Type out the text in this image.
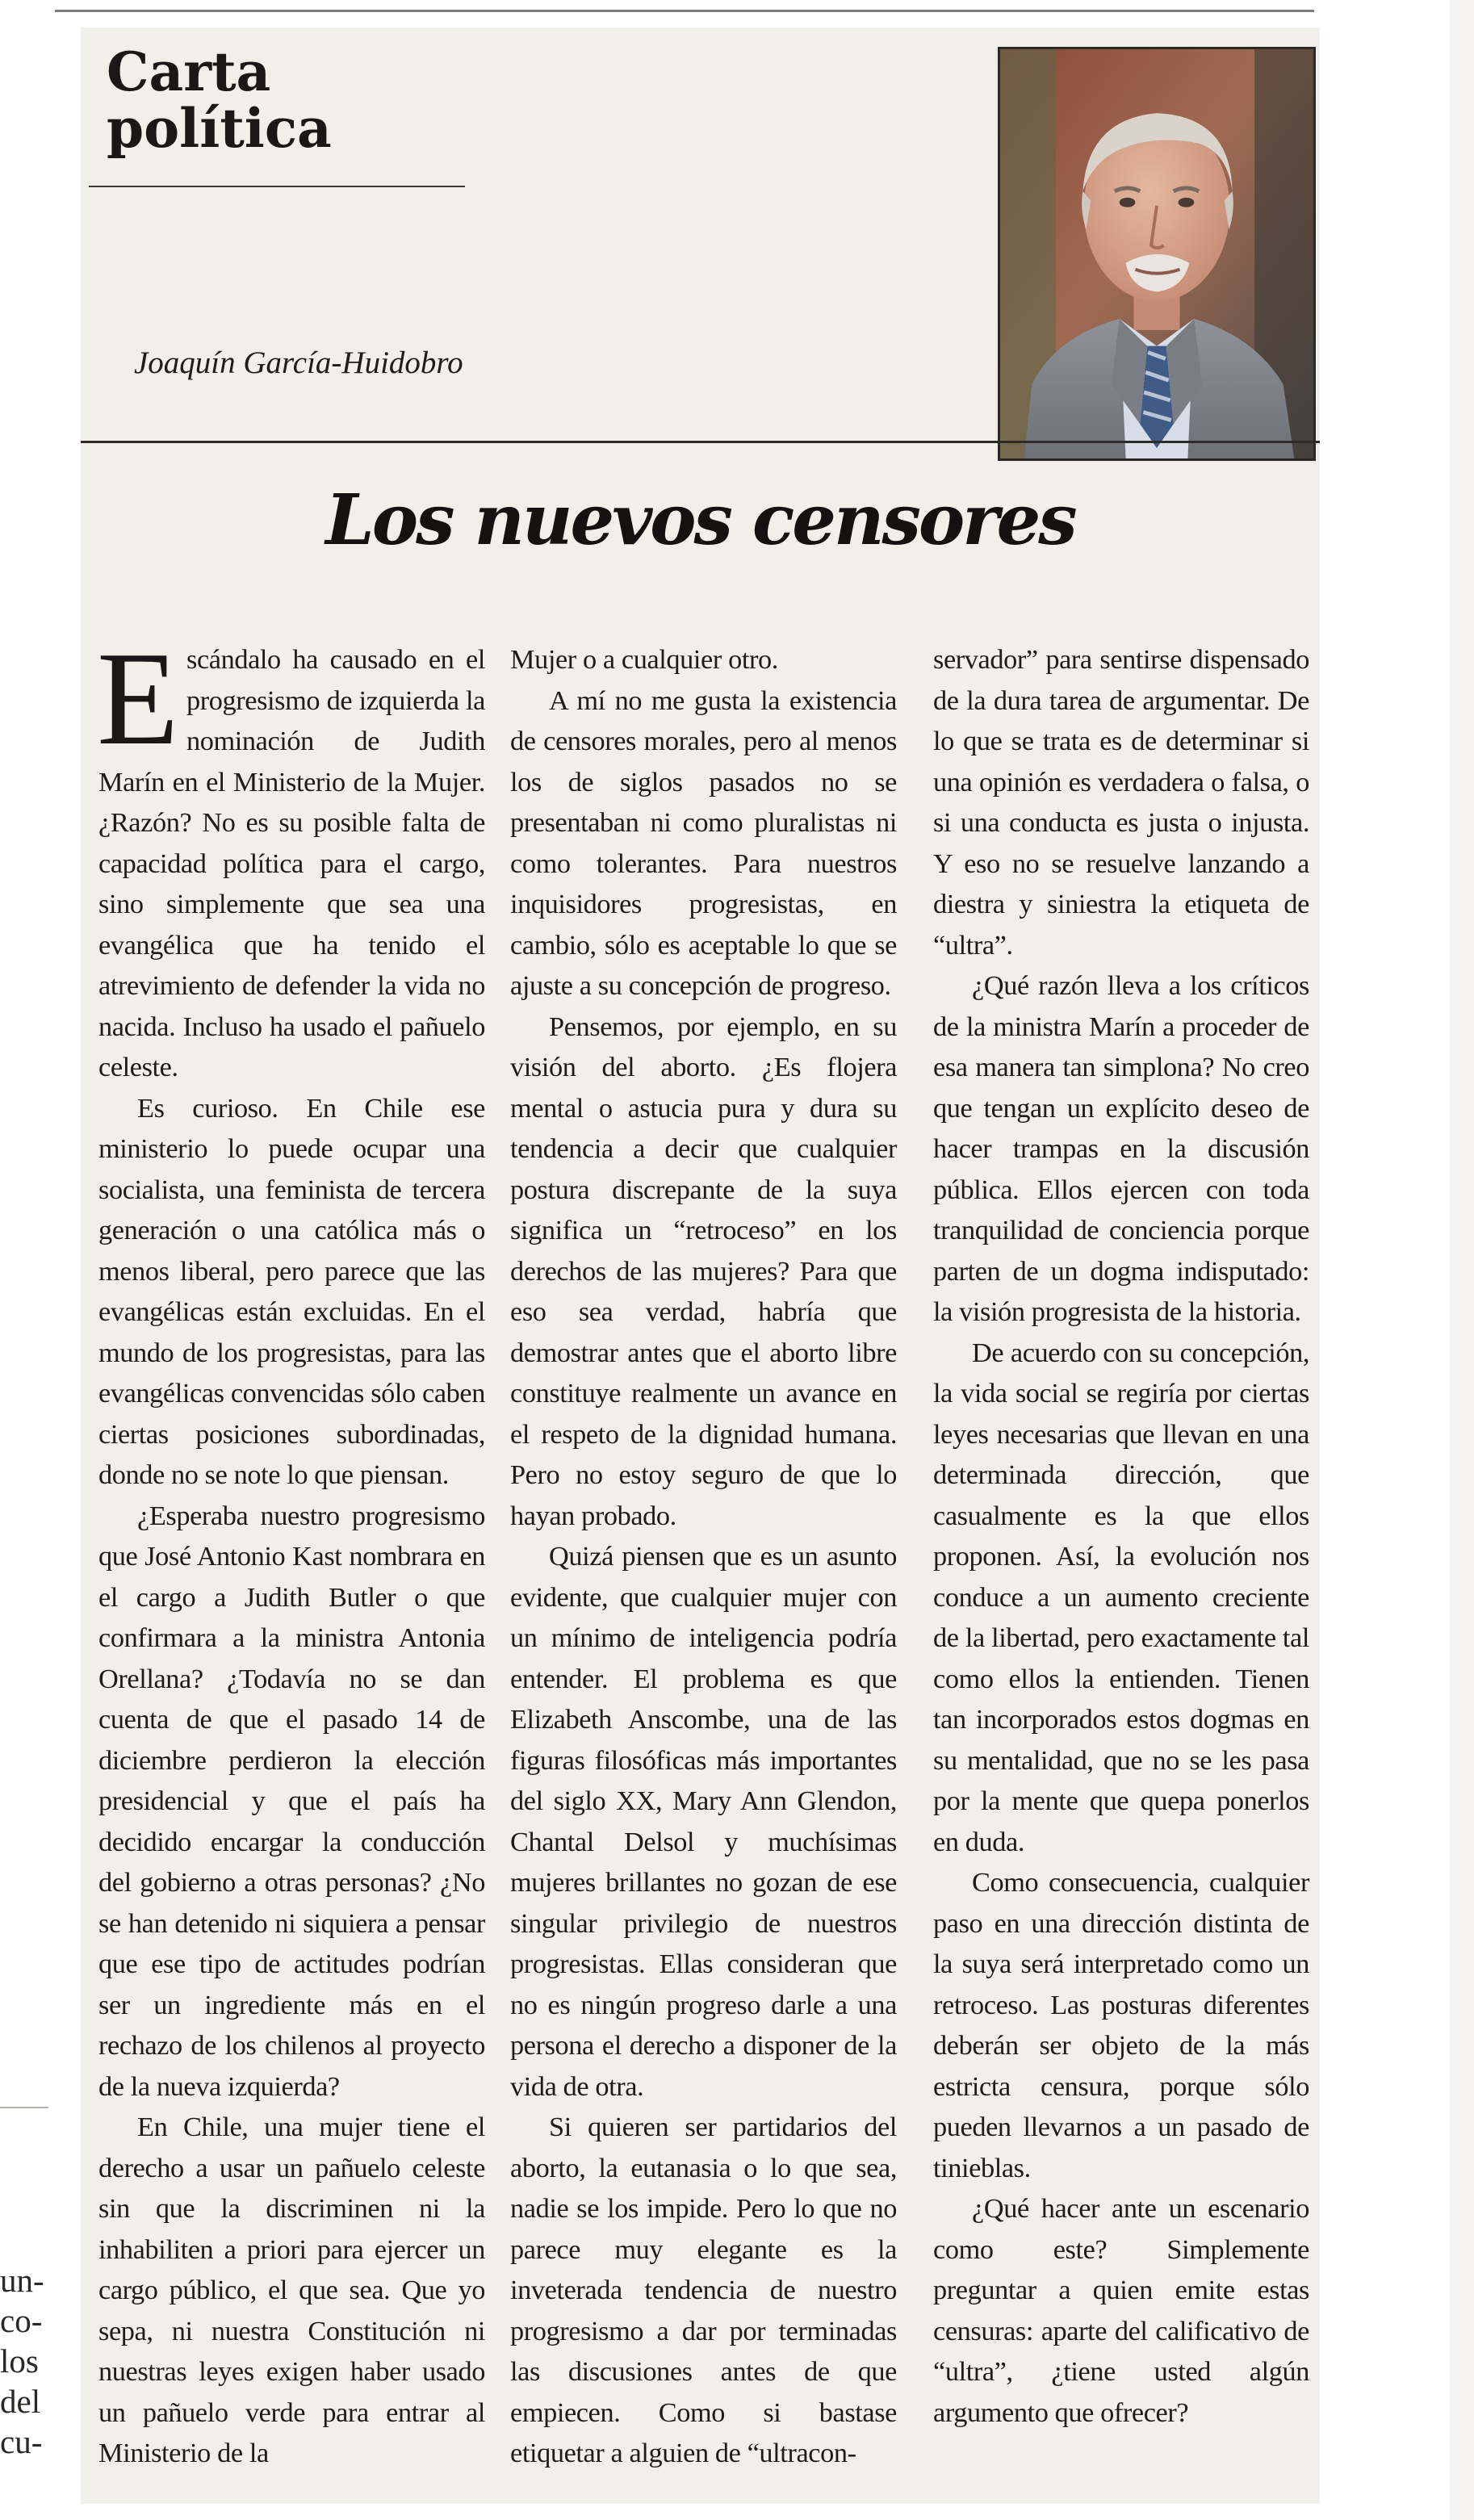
un-
co-
los
del
cu-
Carta
política
Joaquín García-Huidobro
Los nuevos censores

Escándalo ha causado en el progresismo de izquierda la nominación de Judith Marín en el Ministerio de la Mujer. ¿Razón? No es su posible falta de capacidad política para el cargo, sino simplemente que sea una evangélica que ha tenido el atrevimiento de defender la vida no nacida. Incluso ha usado el pañuelo celeste.

Es curioso. En Chile ese ministerio lo puede ocupar una socialista, una feminista de tercera generación o una católica más o menos liberal, pero parece que las evangélicas están excluidas. En el mundo de los progresistas, para las evangélicas convencidas sólo caben ciertas posiciones subordinadas, donde no se note lo que piensan.

¿Esperaba nuestro progresismo que José Antonio Kast nombrara en el cargo a Judith Butler o que confirmara a la ministra Antonia Orellana? ¿Todavía no se dan cuenta de que el pasado 14 de diciembre perdieron la elección presidencial y que el país ha decidido encargar la conducción del gobierno a otras personas? ¿No se han detenido ni siquiera a pensar que ese tipo de actitudes podrían ser un ingrediente más en el rechazo de los chilenos al proyecto de la nueva izquierda?

En Chile, una mujer tiene el derecho a usar un pañuelo celeste sin que la discriminen ni la inhabiliten a priori para ejercer un cargo público, el que sea. Que yo sepa, ni nuestra Constitución ni nuestras leyes exigen haber usado un pañuelo verde para entrar al Ministerio de la

Mujer o a cualquier otro.

A mí no me gusta la existencia de censores morales, pero al menos los de siglos pasados no se presentaban ni como pluralistas ni como tolerantes. Para nuestros inquisidores progresistas, en cambio, sólo es aceptable lo que se ajuste a su concepción de progreso.

Pensemos, por ejemplo, en su visión del aborto. ¿Es flojera mental o astucia pura y dura su tendencia a decir que cualquier postura discrepante de la suya significa un “retroceso” en los derechos de las mujeres? Para que eso sea verdad, habría que demostrar antes que el aborto libre constituye realmente un avance en el respeto de la dignidad humana. Pero no estoy seguro de que lo hayan probado.

Quizá piensen que es un asunto evidente, que cualquier mujer con un mínimo de inteligencia podría entender. El problema es que Elizabeth Anscombe, una de las figuras filosóficas más importantes del siglo XX, Mary Ann Glendon, Chantal Delsol y muchísimas mujeres brillantes no gozan de ese singular privilegio de nuestros progresistas. Ellas consideran que no es ningún progreso darle a una persona el derecho a disponer de la vida de otra.

Si quieren ser partidarios del aborto, la eutanasia o lo que sea, nadie se los impide. Pero lo que no parece muy elegante es la inveterada tendencia de nuestro progresismo a dar por terminadas las discusiones antes de que empiecen. Como si bastase etiquetar a alguien de “ultracon-

servador” para sentirse dispensado de la dura tarea de argumentar. De lo que se trata es de determinar si una opinión es verdadera o falsa, o si una conducta es justa o injusta. Y eso no se resuelve lanzando a diestra y siniestra la etiqueta de “ultra”.

¿Qué razón lleva a los críticos de la ministra Marín a proceder de esa manera tan simplona? No creo que tengan un explícito deseo de hacer trampas en la discusión pública. Ellos ejercen con toda tranquilidad de conciencia porque parten de un dogma indisputado: la visión progresista de la historia.

De acuerdo con su concepción, la vida social se regiría por ciertas leyes necesarias que llevan en una determinada dirección, que casualmente es la que ellos proponen. Así, la evolución nos conduce a un aumento creciente de la libertad, pero exactamente tal como ellos la entienden. Tienen tan incorporados estos dogmas en su mentalidad, que no se les pasa por la mente que quepa ponerlos en duda.

Como consecuencia, cualquier paso en una dirección distinta de la suya será interpretado como un retroceso. Las posturas diferentes deberán ser objeto de la más estricta censura, porque sólo pueden llevarnos a un pasado de tinieblas.

¿Qué hacer ante un escenario como este? Simplemente preguntar a quien emite estas censuras: aparte del calificativo de “ultra”, ¿tiene usted algún argumento que ofrecer?
